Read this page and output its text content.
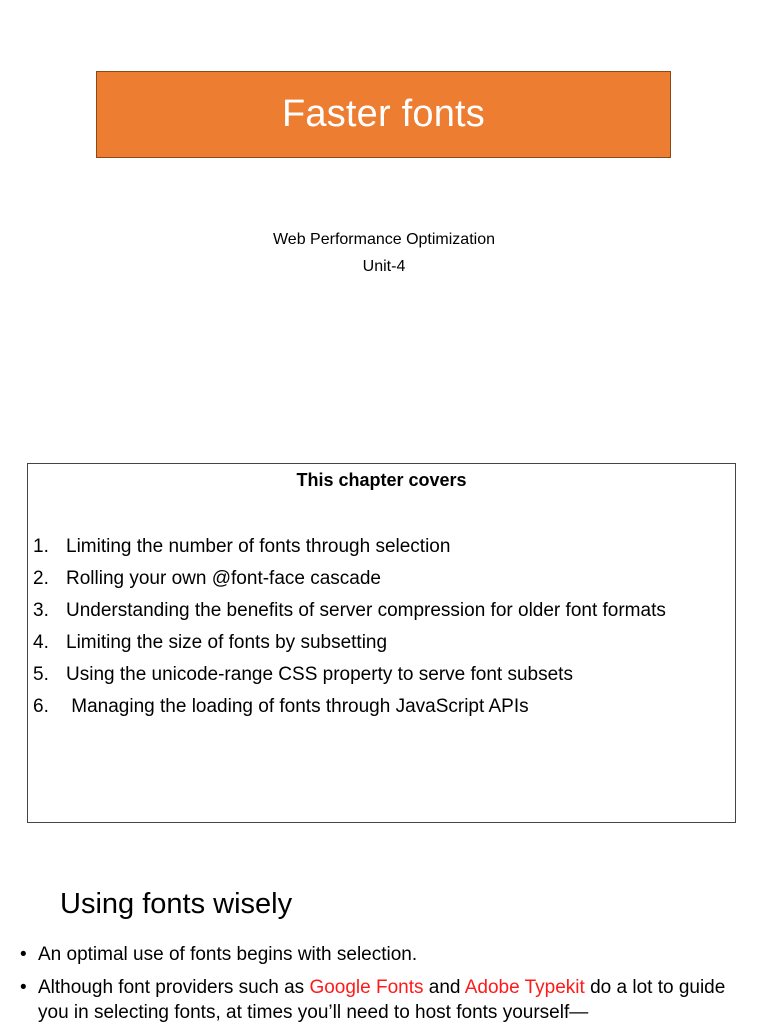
Faster fonts
Web Performance Optimization
Unit-4
This chapter covers
1. Limiting the number of fonts through selection
2. Rolling your own @font-face cascade
3. Understanding the benefits of server compression for older font formats
4. Limiting the size of fonts by subsetting
5. Using the unicode-range CSS property to serve font subsets
6. Managing the loading of fonts through JavaScript APIs
Using fonts wisely
• An optimal use of fonts begins with selection.
• Although font providers such as Google Fonts and Adobe Typekit do a lot to guide you in selecting fonts, at times you’ll need to host fonts yourself—
